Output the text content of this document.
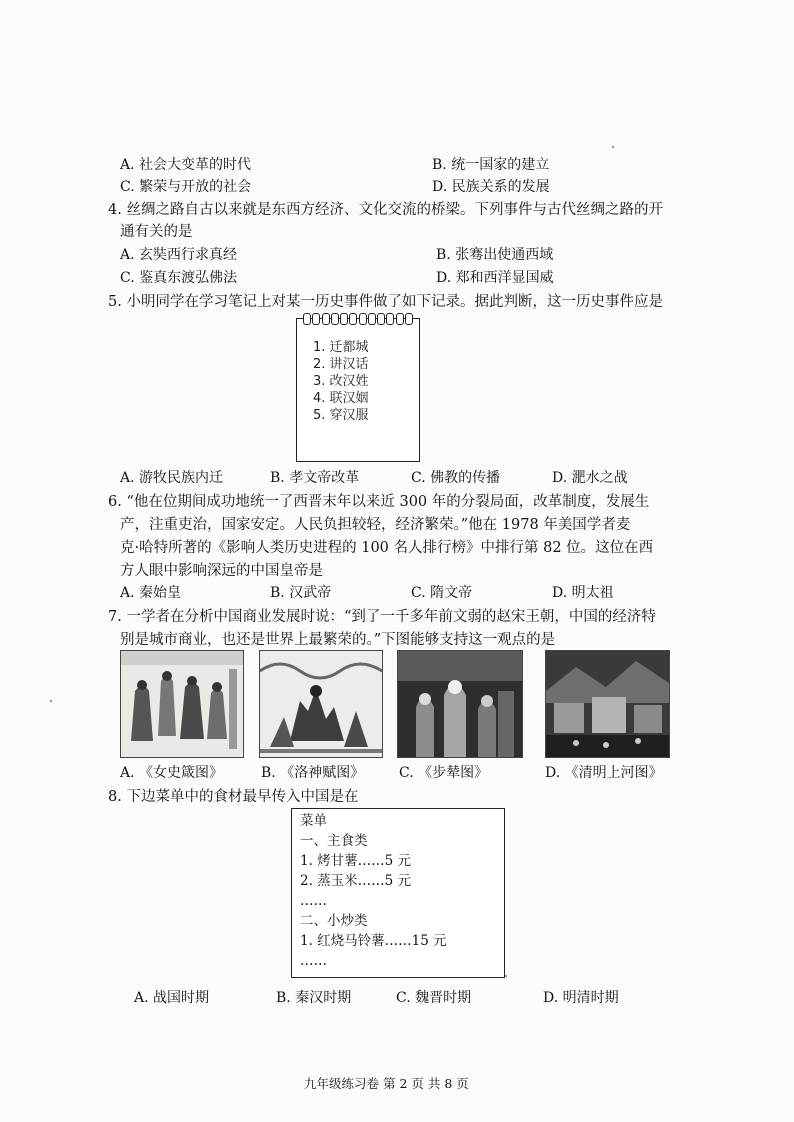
A. 社会大变革的时代	B. 统一国家的建立
C. 繁荣与开放的社会	D. 民族关系的发展
4. 丝绸之路自古以来就是东西方经济、文化交流的桥梁。下列事件与古代丝绸之路的开
通有关的是
A. 玄奘西行求真经	B. 张骞出使通西域
C. 鉴真东渡弘佛法	D. 郑和西洋显国威
5. 小明同学在学习笔记上对某一历史事件做了如下记录。据此判断，这一历史事件应是
1. 迁都城
2. 讲汉话
3. 改汉姓
4. 联汉姻
5. 穿汉服
A. 游牧民族内迁	B. 孝文帝改革	C. 佛教的传播	D. 淝水之战
6. “他在位期间成功地统一了西晋末年以来近 300 年的分裂局面，改革制度，发展生
产，注重吏治，国家安定。人民负担较轻，经济繁荣。”他在 1978 年美国学者麦
克·哈特所著的《影响人类历史进程的 100 名人排行榜》中排行第 82 位。这位在西
方人眼中影响深远的中国皇帝是
A. 秦始皇	B. 汉武帝	C. 隋文帝	D. 明太祖
7. 一学者在分析中国商业发展时说：“到了一千多年前文弱的赵宋王朝，中国的经济特
别是城市商业，也还是世界上最繁荣的。”下图能够支持这一观点的是
A. 《女史箴图》	B. 《洛神赋图》 C. 《步辇图》	D. 《清明上河图》
8. 下边菜单中的食材最早传入中国是在
菜单
一、主食类
1. 烤甘薯……5 元
2. 蒸玉米……5 元
……
二、小炒类
1. 红烧马铃薯……15 元
……
A. 战国时期	B. 秦汉时期	C. 魏晋时期	D. 明清时期
九年级练习卷 第 2 页 共 8 页
